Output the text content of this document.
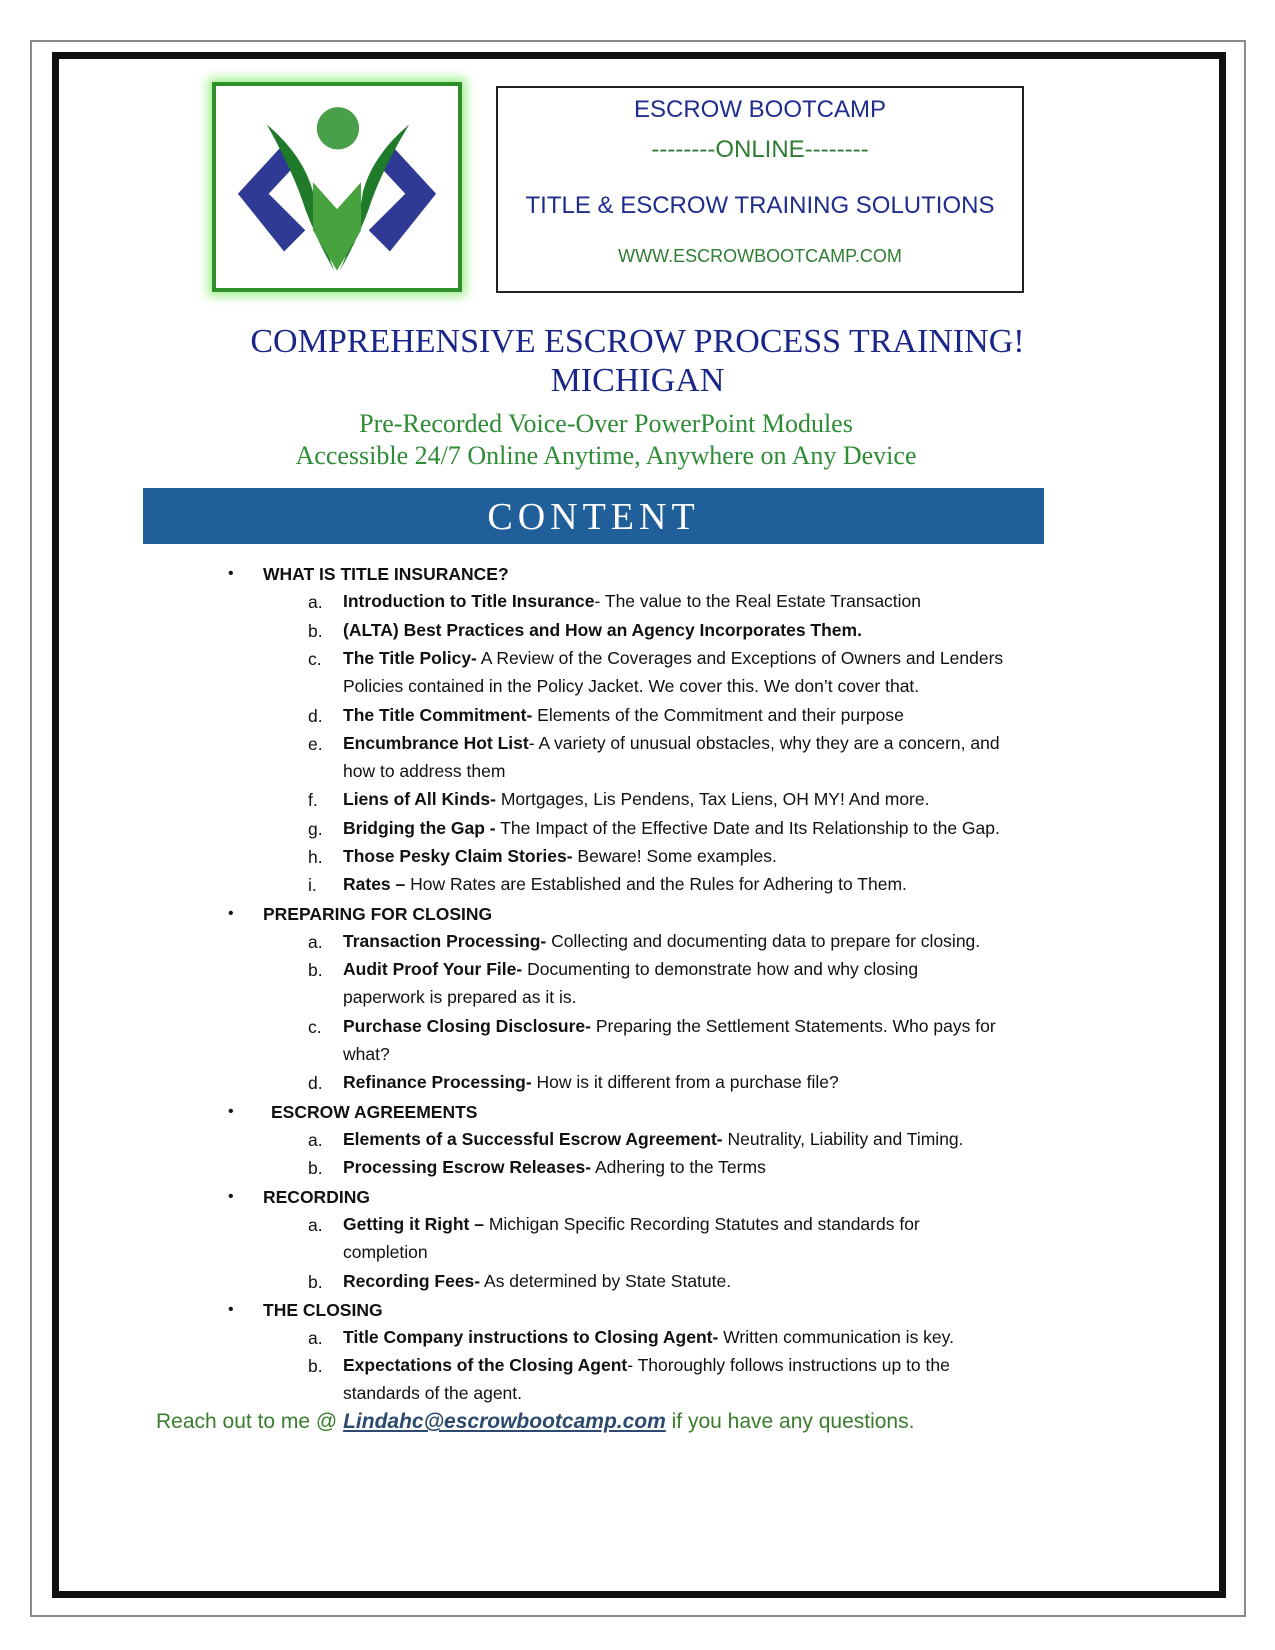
ESCROW BOOTCAMP
--------ONLINE--------
TITLE & ESCROW TRAINING SOLUTIONS
WWW.ESCROWBOOTCAMP.COM
COMPREHENSIVE ESCROW PROCESS TRAINING!
MICHIGAN
Pre-Recorded Voice-Over PowerPoint Modules
Accessible 24/7 Online Anytime, Anywhere on Any Device
CONTENT
• WHAT IS TITLE INSURANCE?
a. Introduction to Title Insurance- The value to the Real Estate Transaction
b. (ALTA) Best Practices and How an Agency Incorporates Them.
c. The Title Policy- A Review of the Coverages and Exceptions of Owners and Lenders
Policies contained in the Policy Jacket. We cover this. We don’t cover that.
d. The Title Commitment- Elements of the Commitment and their purpose
e. Encumbrance Hot List- A variety of unusual obstacles, why they are a concern, and
how to address them
f. Liens of All Kinds- Mortgages, Lis Pendens, Tax Liens, OH MY! And more.
g. Bridging the Gap - The Impact of the Effective Date and Its Relationship to the Gap.
h. Those Pesky Claim Stories- Beware! Some examples.
i. Rates – How Rates are Established and the Rules for Adhering to Them.
• PREPARING FOR CLOSING
a. Transaction Processing- Collecting and documenting data to prepare for closing.
b. Audit Proof Your File- Documenting to demonstrate how and why closing
paperwork is prepared as it is.
c. Purchase Closing Disclosure- Preparing the Settlement Statements. Who pays for
what?
d. Refinance Processing- How is it different from a purchase file?
• ESCROW AGREEMENTS
a. Elements of a Successful Escrow Agreement- Neutrality, Liability and Timing.
b. Processing Escrow Releases- Adhering to the Terms
• RECORDING
a. Getting it Right – Michigan Specific Recording Statutes and standards for
completion
b. Recording Fees- As determined by State Statute.
• THE CLOSING
a. Title Company instructions to Closing Agent- Written communication is key.
b. Expectations of the Closing Agent- Thoroughly follows instructions up to the
standards of the agent.
Reach out to me @ Lindahc@escrowbootcamp.com if you have any questions.
